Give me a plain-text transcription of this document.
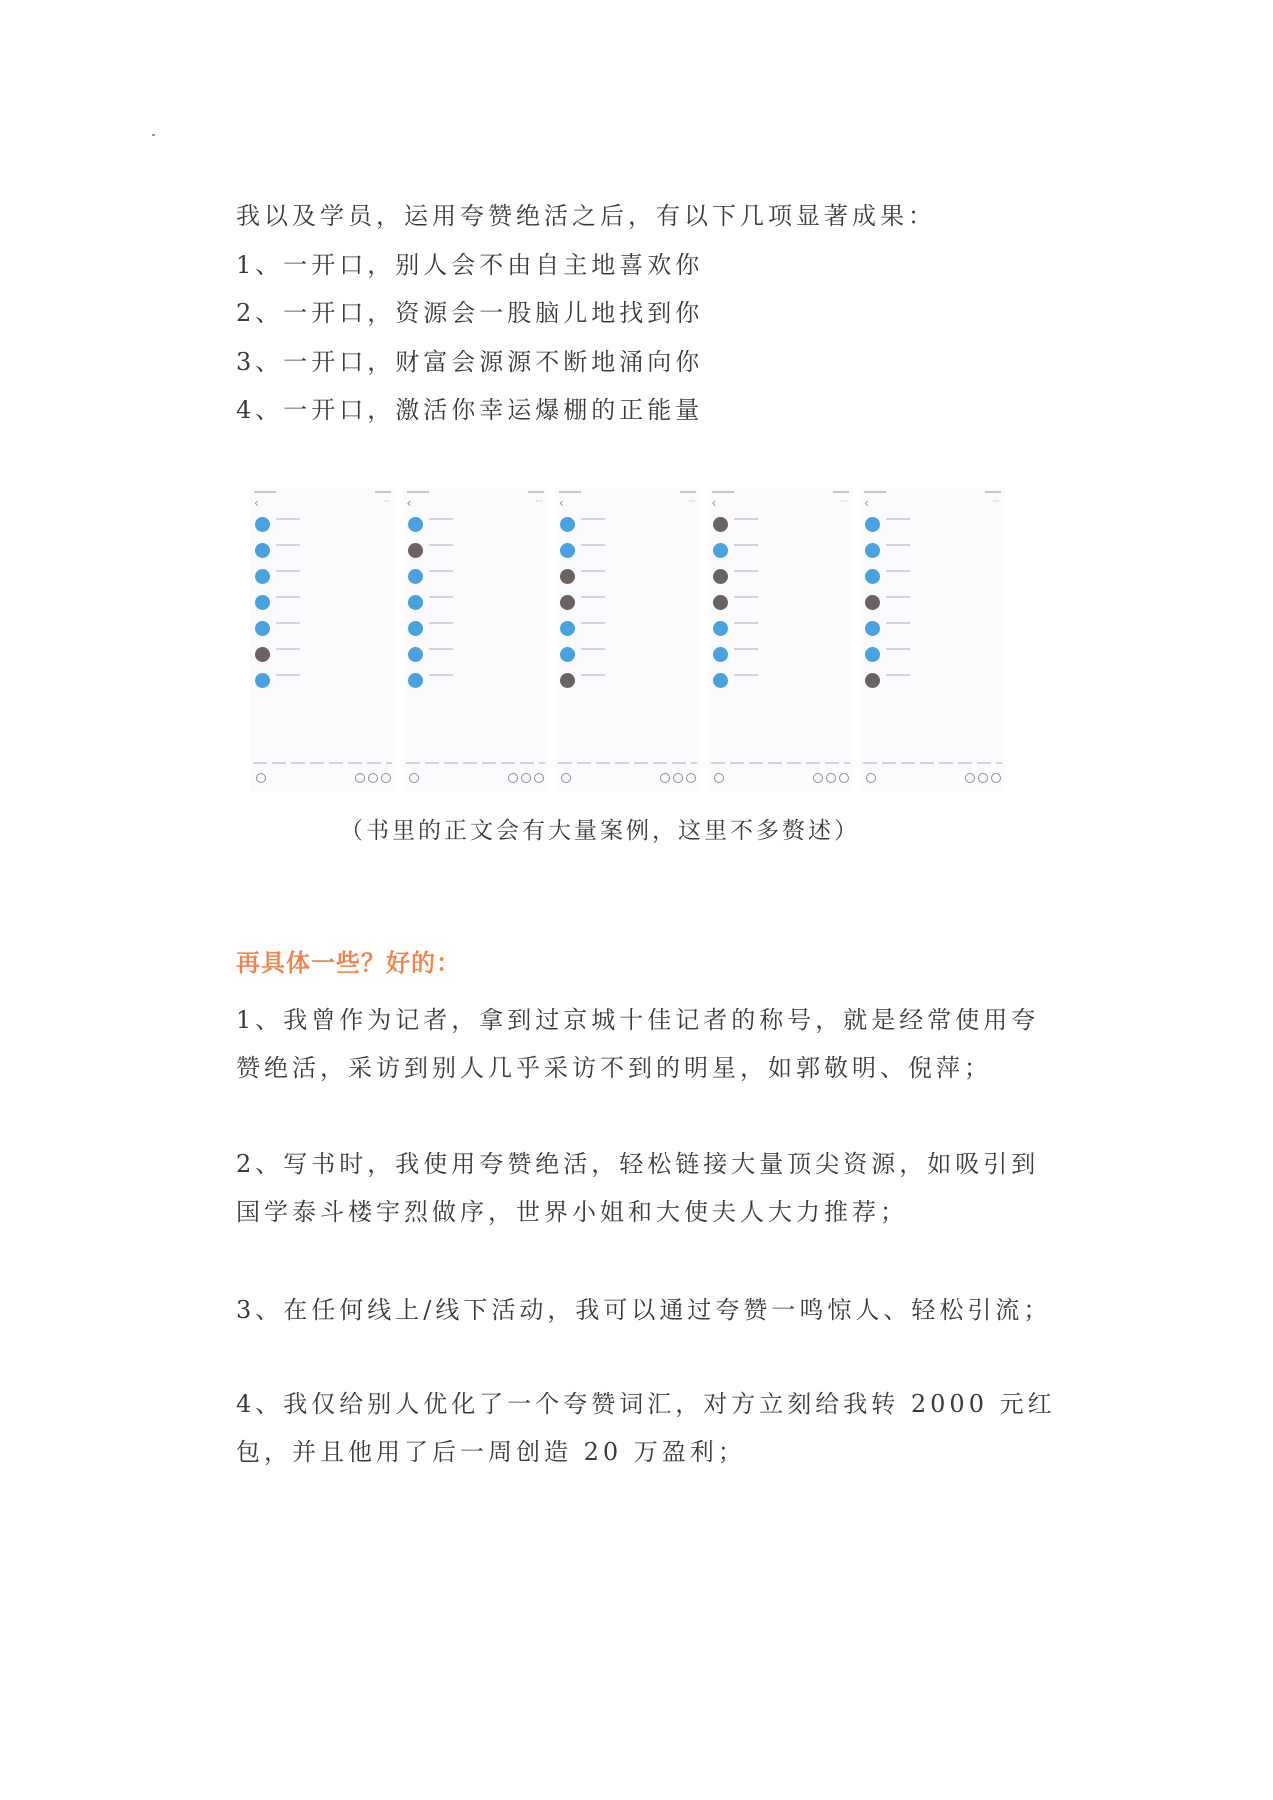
我以及学员，运用夸赞绝活之后，有以下几项显著成果：
1、一开口，别人会不由自主地喜欢你
2、一开口，资源会一股脑儿地找到你
3、一开口，财富会源源不断地涌向你
4、一开口，激活你幸运爆棚的正能量
‹	⋯ ‹	⋯ ‹	⋯ ‹	⋯ ‹	⋯
（书里的正文会有大量案例，这里不多赘述）
再具体一些？好的：
1、我曾作为记者，拿到过京城十佳记者的称号，就是经常使用夸
赞绝活，采访到别人几乎采访不到的明星，如郭敬明、倪萍；
2、写书时，我使用夸赞绝活，轻松链接大量顶尖资源，如吸引到
国学泰斗楼宇烈做序，世界小姐和大使夫人大力推荐；
3、在任何线上/线下活动，我可以通过夸赞一鸣惊人、轻松引流；
4、我仅给别人优化了一个夸赞词汇，对方立刻给我转 2000 元红
包，并且他用了后一周创造 20 万盈利；
